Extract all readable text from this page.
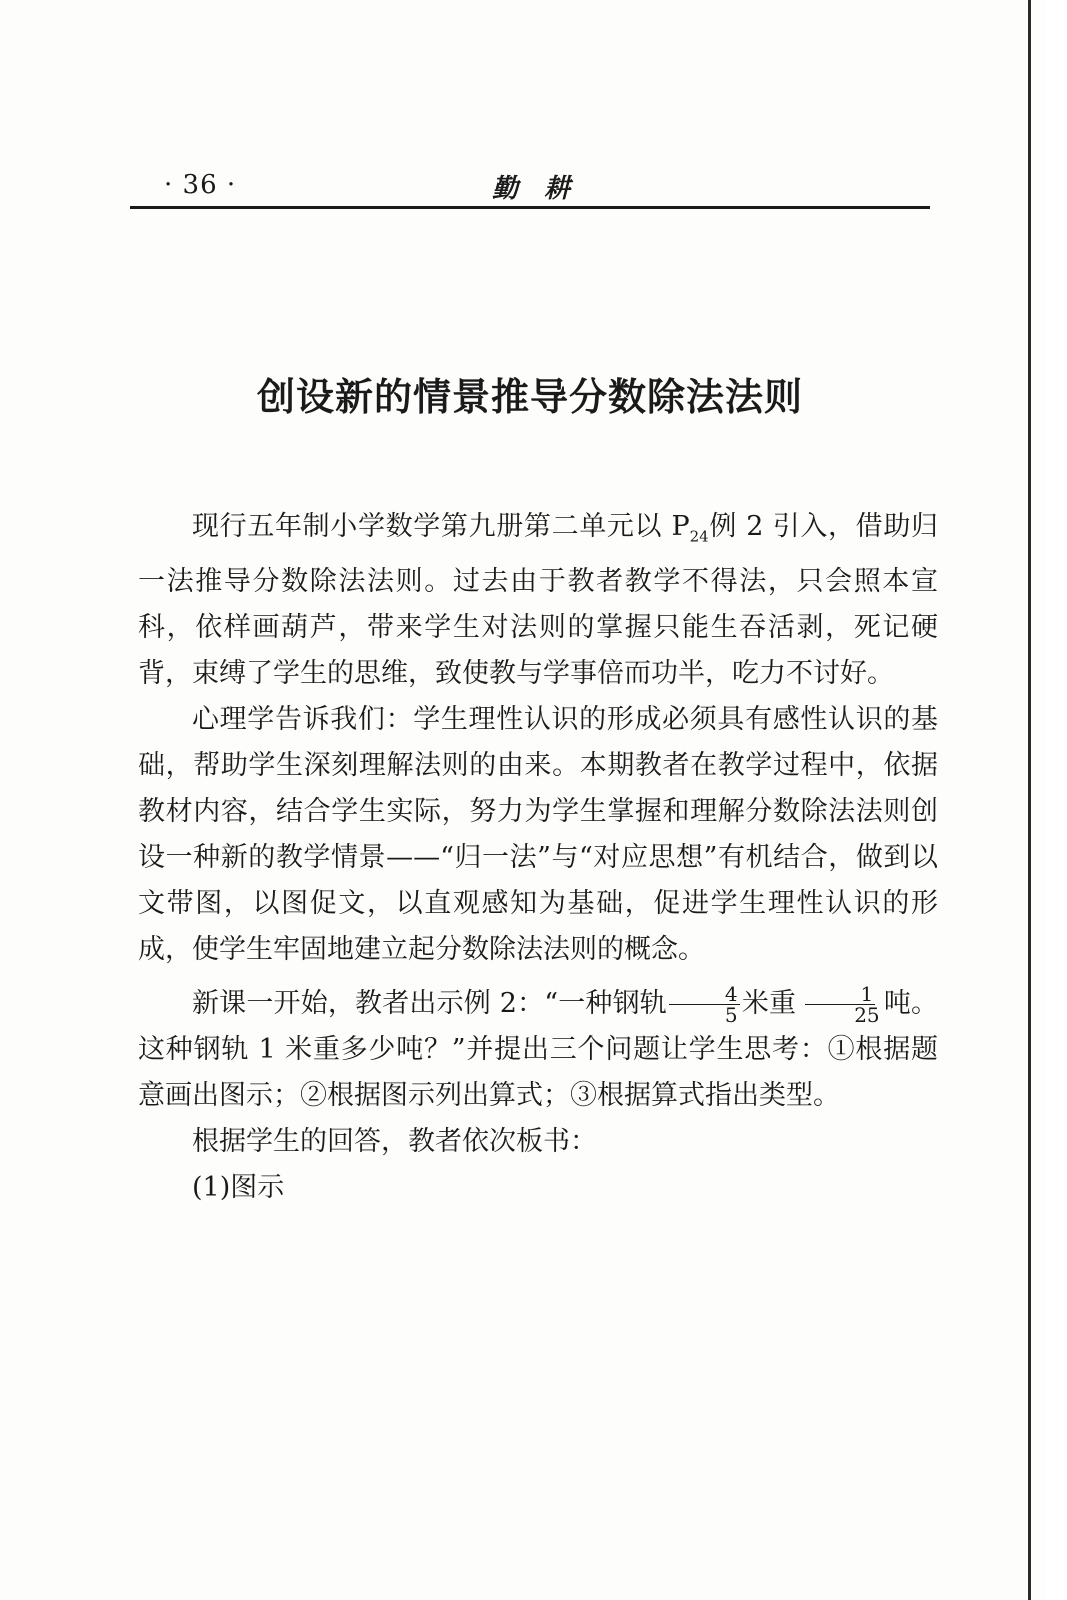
· 36 ·	勤耕
创设新的情景推导分数除法法则

现行五年制小学数学第九册第二单元以 $P_{24}$例 2 引入，借助归一法推导分数除法法则。过去由于教者教学不得法，只会照本宣科，依样画葫芦，带来学生对法则的掌握只能生吞活剥，死记硬背，束缚了学生的思维，致使教与学事倍而功半，吃力不讨好。

心理学告诉我们：学生理性认识的形成必须具有感性认识的基础，帮助学生深刻理解法则的由来。本期教者在教学过程中，依据教材内容，结合学生实际，努力为学生掌握和理解分数除法法则创设一种新的教学情景——“归一法”与“对应思想”有机结合，做到以文带图，以图促文，以直观感知为基础，促进学生理性认识的形成，使学生牢固地建立起分数除法法则的概念。

新课一开始，教者出示例 2：“一种钢轨 $\frac{4}{5}$ 米重 $\frac{1}{25}$ 吨。这种钢轨 1 米重多少吨？”并提出三个问题让学生思考：①根据题意画出图示；②根据图示列出算式；③根据算式指出类型。

根据学生的回答，教者依次板书：

(1)图示
